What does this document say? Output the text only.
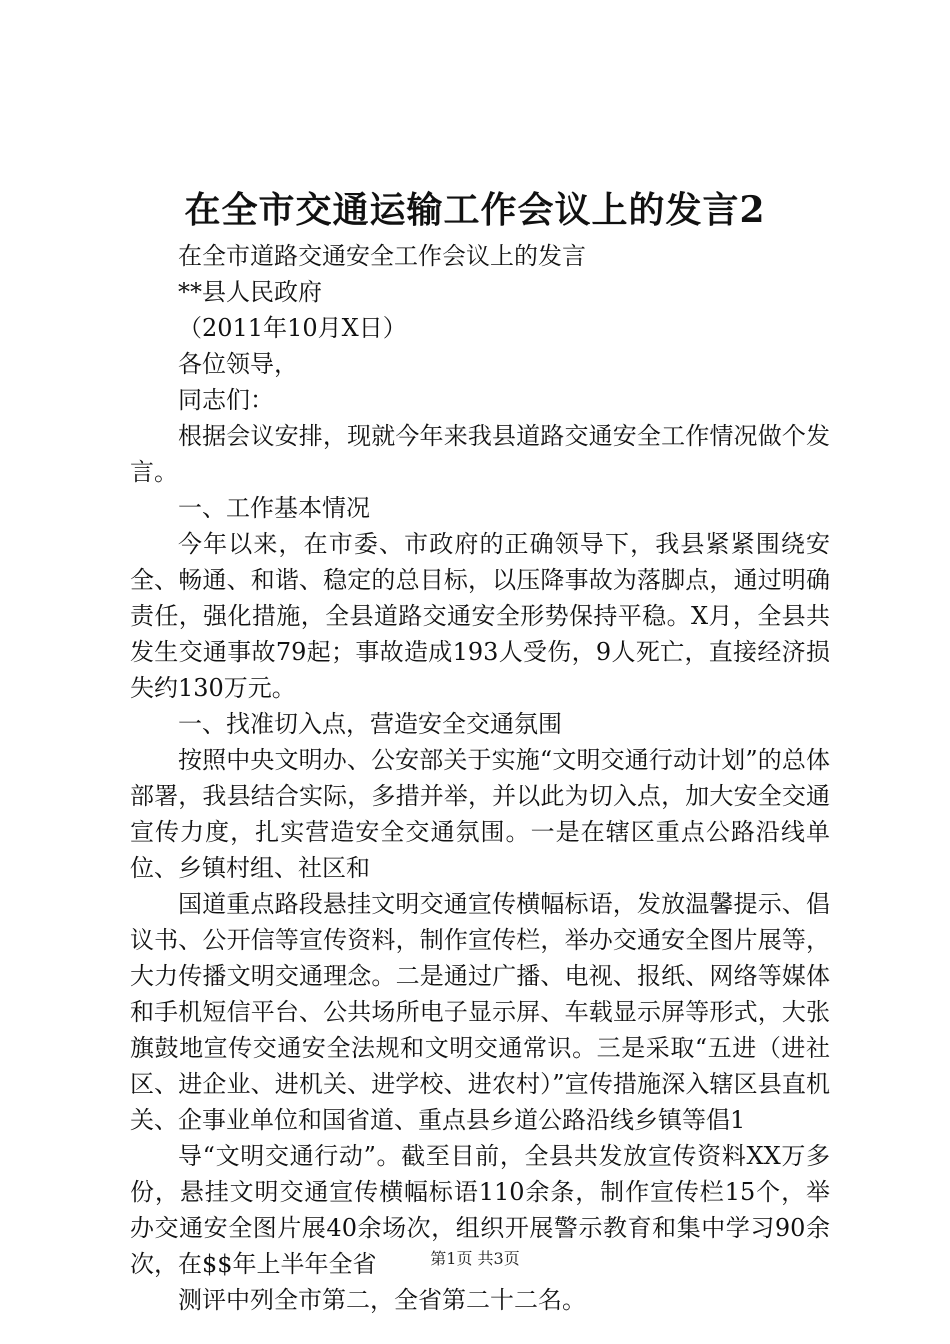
在全市交通运输工作会议上的发言2

在全市道路交通安全工作会议上的发言

**县人民政府

（2011年10月X日）

各位领导，

同志们：

根据会议安排，现就今年来我县道路交通安全工作情况做个发言。

一、工作基本情况

今年以来，在市委、市政府的正确领导下，我县紧紧围绕安全、畅通、和谐、稳定的总目标，以压降事故为落脚点，通过明确责任，强化措施，全县道路交通安全形势保持平稳。X月，全县共发生交通事故79起；事故造成193人受伤，9人死亡，直接经济损失约130万元。

一、找准切入点，营造安全交通氛围

按照中央文明办、公安部关于实施“文明交通行动计划”的总体部署，我县结合实际，多措并举，并以此为切入点，加大安全交通宣传力度，扎实营造安全交通氛围。一是在辖区重点公路沿线单位、乡镇村组、社区和

国道重点路段悬挂文明交通宣传横幅标语，发放温馨提示、倡议书、公开信等宣传资料，制作宣传栏，举办交通安全图片展等，大力传播文明交通理念。二是通过广播、电视、报纸、网络等媒体和手机短信平台、公共场所电子显示屏、车载显示屏等形式，大张旗鼓地宣传交通安全法规和文明交通常识。三是采取“五进（进社区、进企业、进机关、进学校、进农村）”宣传措施深入辖区县直机关、企事业单位和国省道、重点县乡道公路沿线乡镇等倡1

导“文明交通行动”。截至目前，全县共发放宣传资料XX万多份，悬挂文明交通宣传横幅标语110余条，制作宣传栏15个，举办交通安全图片展40余场次，组织开展警示教育和集中学习90余次，在$$年上半年全省

测评中列全市第二，全省第二十二名。

第1页 共3页
